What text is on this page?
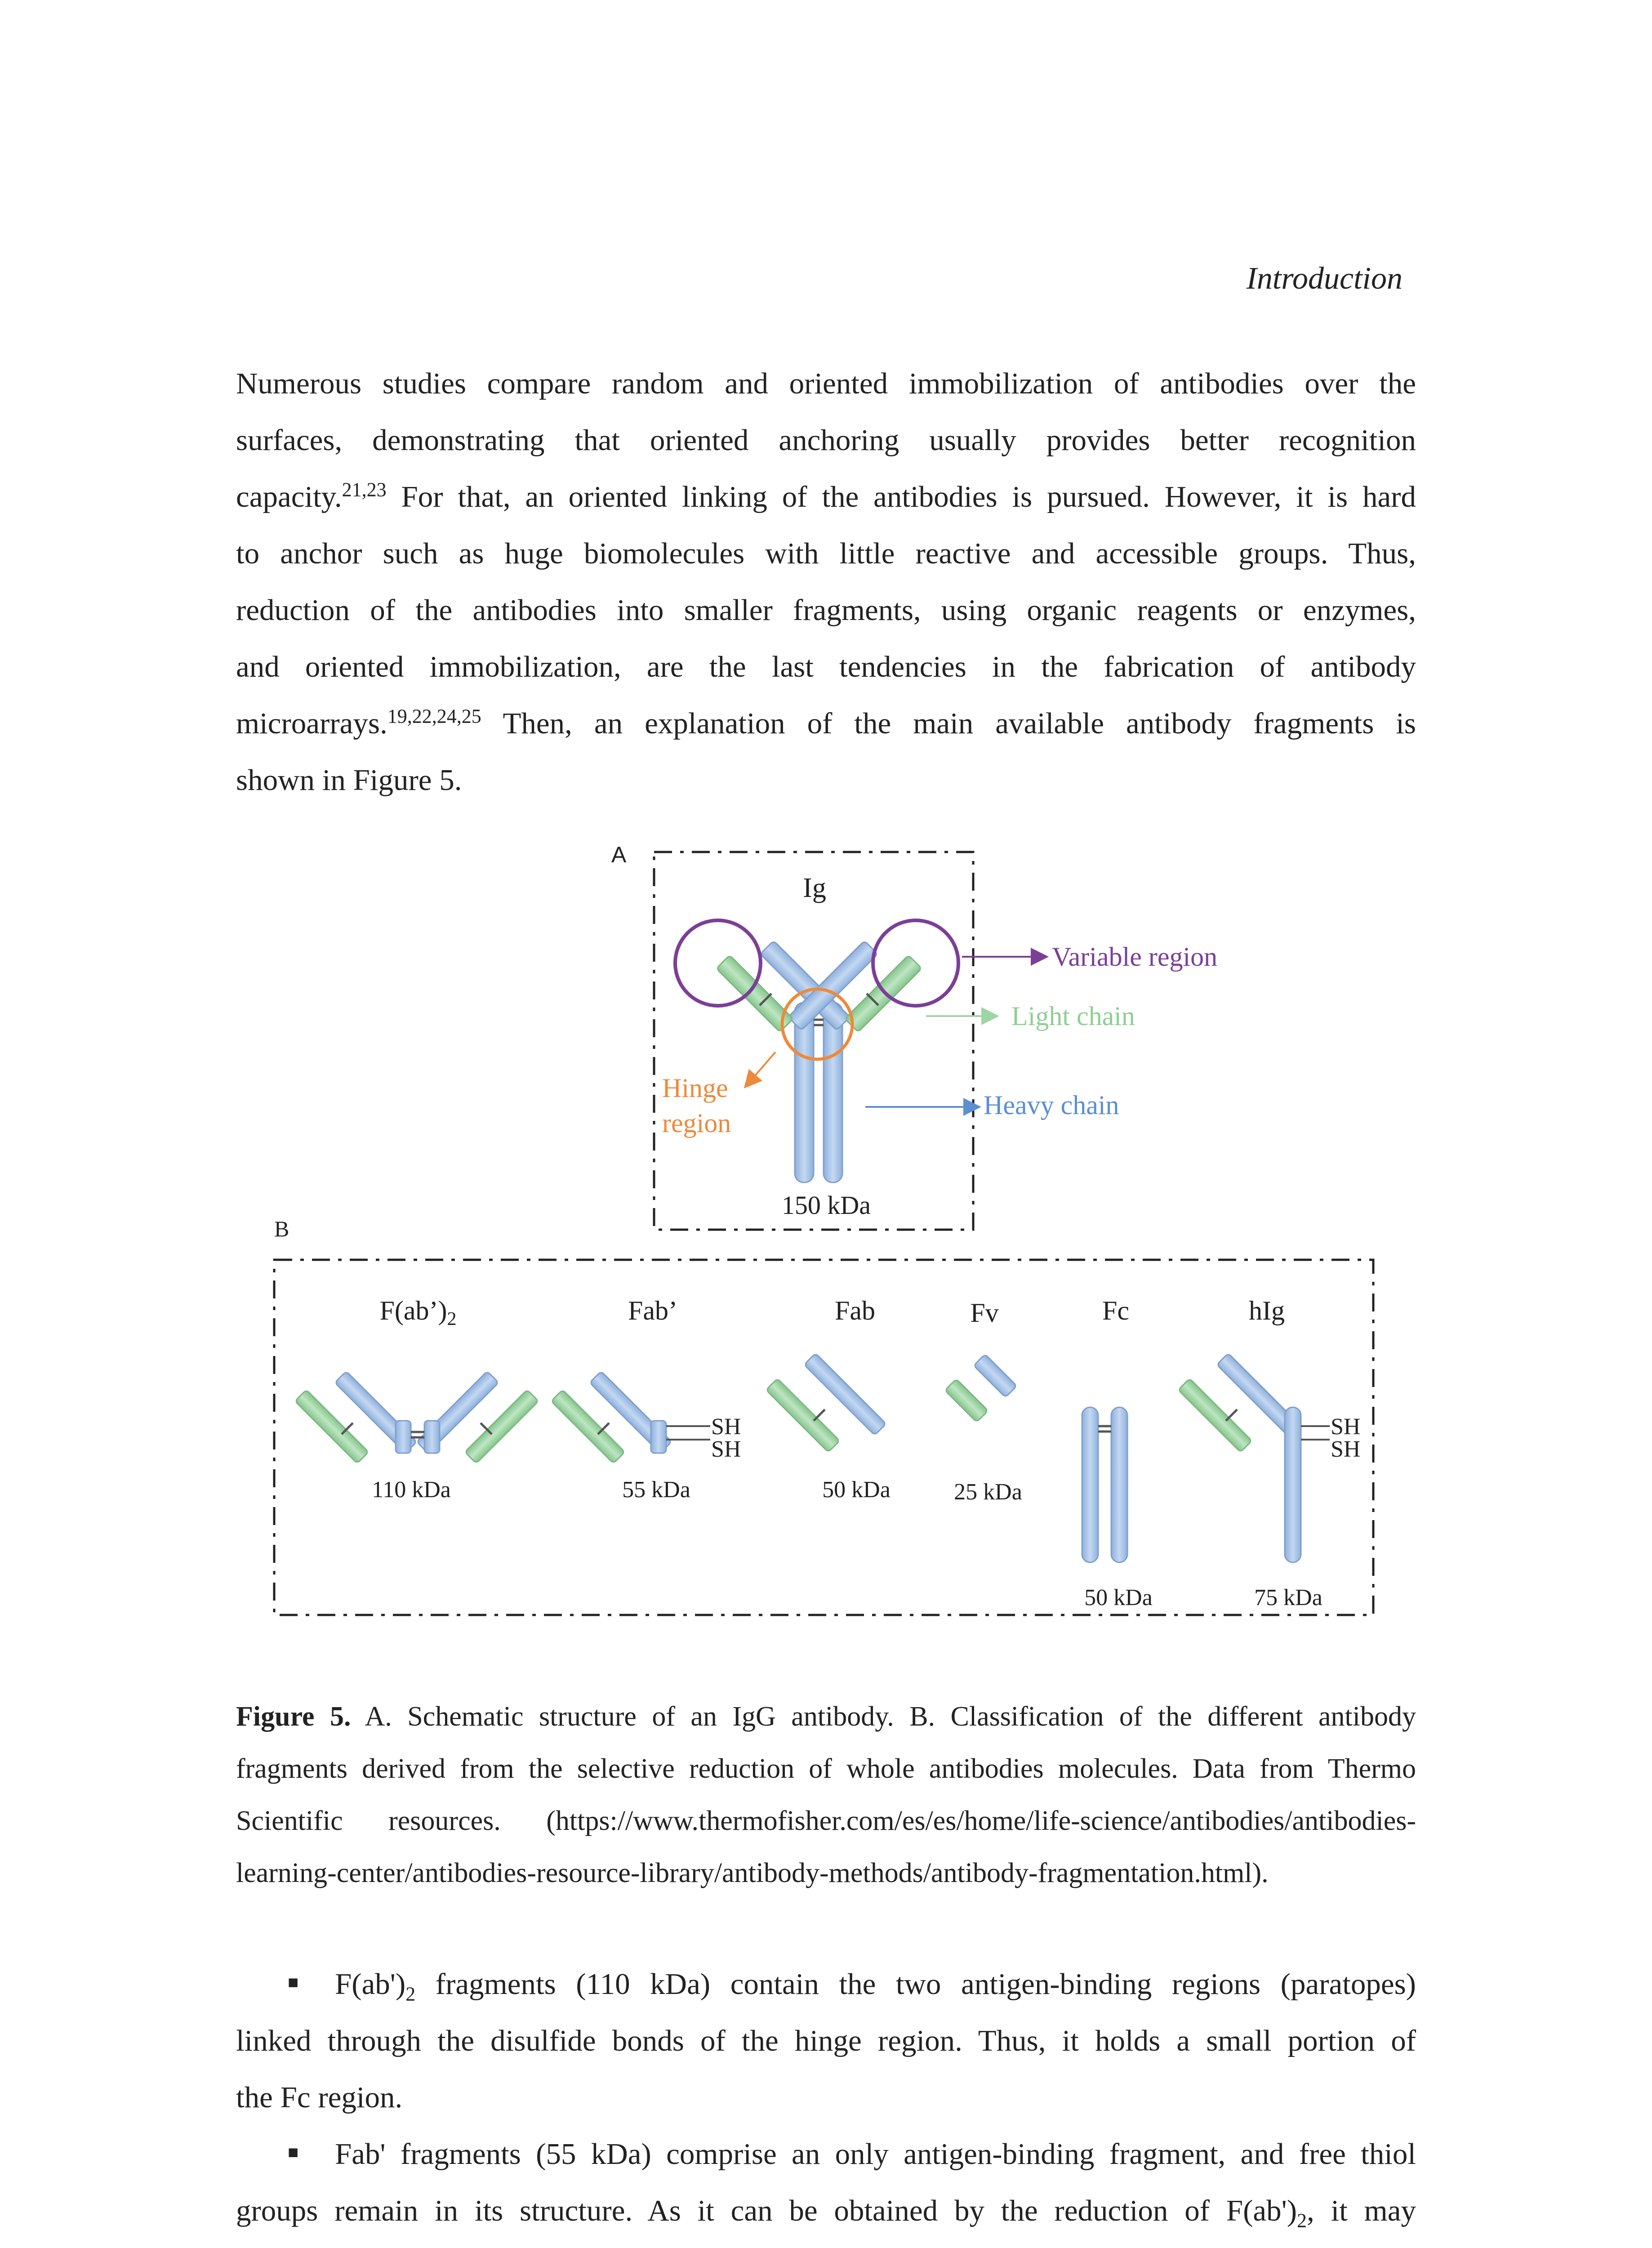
Introduction
Numerous studies compare random and oriented immobilization of antibodies over the
surfaces, demonstrating that oriented anchoring usually provides better recognition
capacity.$^{21,23}$ For that, an oriented linking of the antibodies is pursued. However, it is hard
to anchor such as huge biomolecules with little reactive and accessible groups. Thus,
reduction of the antibodies into smaller fragments, using organic reagents or enzymes,
and oriented immobilization, are the last tendencies in the fabrication of antibody
microarrays.$^{19,22,24,25}$ Then, an explanation of the main available antibody fragments is
shown in Figure 5.
A
Ig
Variable region
Light chain
Heavy chain
Hinge
region
150 kDa
B
$F(ab’)_2$
110 kDa
Fab’
SH
SH
55 kDa
Fab
50 kDa
Fv
25 kDa
Fc
50 kDa
hIg
SH
SH
75 kDa
Figure 5. A. Schematic structure of an IgG antibody. B. Classification of the different antibody
fragments derived from the selective reduction of whole antibodies molecules. Data from Thermo
Scientific resources. (https://www.thermofisher.com/es/es/home/life-science/antibodies/antibodies-
learning-center/antibodies-resource-library/antibody-methods/antibody-fragmentation.html).
■	$F(ab')_2$ fragments (110 kDa) contain the two antigen-binding regions (paratopes)
linked through the disulfide bonds of the hinge region. Thus, it holds a small portion of
the Fc region.
■	Fab' fragments (55 kDa) comprise an only antigen-binding fragment, and free thiol
groups remain in its structure. As it can be obtained by the reduction of $F(ab')_2$, it may
